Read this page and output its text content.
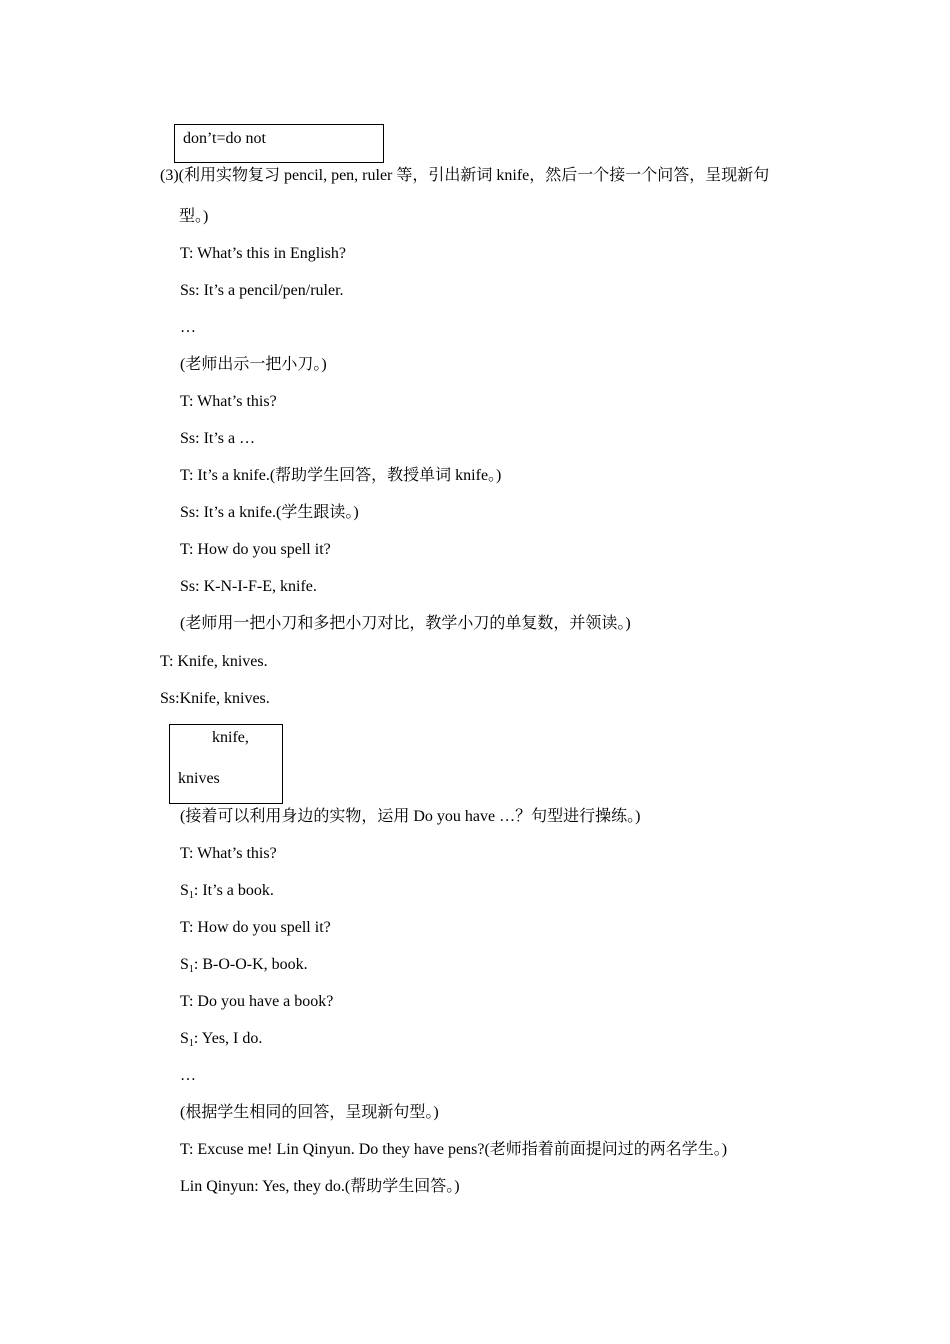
don’t=do not
(3)(利用实物复习 pencil, pen, ruler 等，引出新词 knife，然后一个接一个问答，呈现新句
型。)
T: What’s this in English?
Ss: It’s a pencil/pen/ruler.
…
(老师出示一把小刀。)
T: What’s this?
Ss: It’s a …
T: It’s a knife.(帮助学生回答，教授单词 knife。)
Ss: It’s a knife.(学生跟读。)
T: How do you spell it?
Ss: K-N-I-F-E, knife.
(老师用一把小刀和多把小刀对比，教学小刀的单复数，并领读。)
T: Knife, knives.
Ss:Knife, knives.
knife,
knives
(接着可以利用身边的实物，运用 Do you have …？句型进行操练。)
T: What’s this?
$S_1$: It’s a book.
T: How do you spell it?
$S_1$: B-O-O-K, book.
T: Do you have a book?
$S_1$: Yes, I do.
…
(根据学生相同的回答，呈现新句型。)
T: Excuse me! Lin Qinyun. Do they have pens?(老师指着前面提问过的两名学生。)
Lin Qinyun: Yes, they do.(帮助学生回答。)
